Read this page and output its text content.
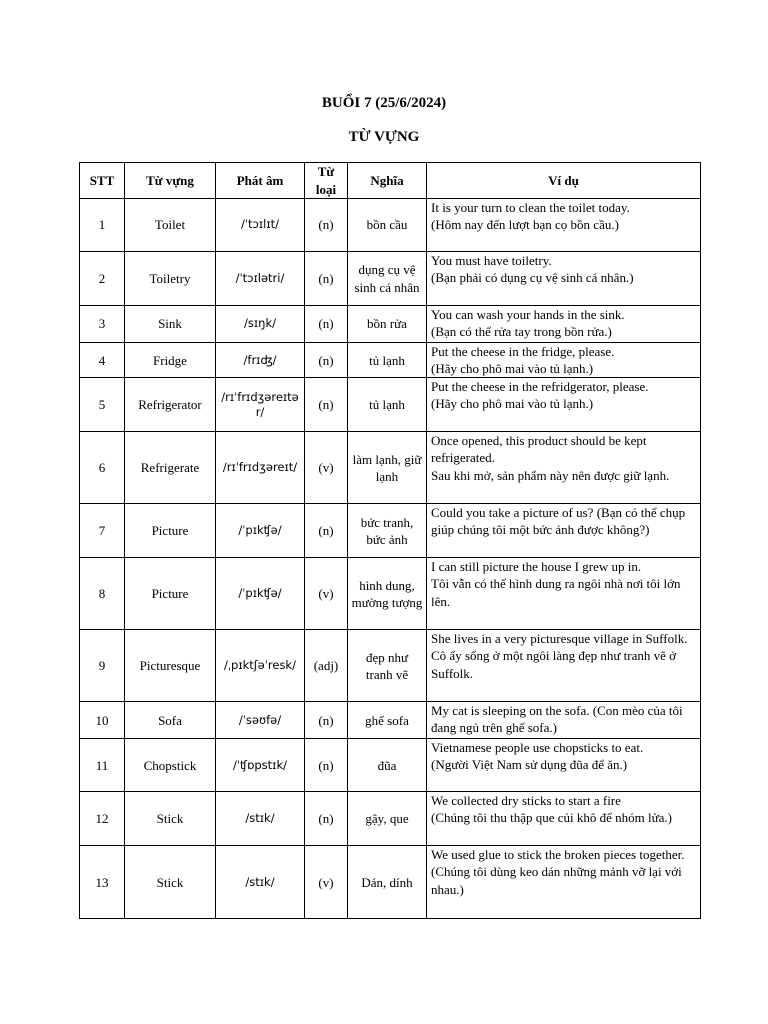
BUỔI 7 (25/6/2024)
TỪ VỰNG
STT	Từ vựng	Phát âm	Từ loại	Nghĩa	Ví dụ
1	Toilet	/ˈtɔɪlɪt/	(n)	bồn cầu	It is your turn to clean the toilet today.
(Hôm nay đến lượt bạn cọ bồn cầu.)

2	Toiletry	/ˈtɔɪlətri/	(n)	dụng cụ vệ sinh cá nhân	You must have toiletry.
(Bạn phải có dụng cụ vệ sinh cá nhân.)

3	Sink	/sɪŋk/	(n)	bồn rửa	You can wash your hands in the sink.
(Bạn có thể rửa tay trong bồn rửa.)

4	Fridge	/frɪʤ/	(n)	tủ lạnh	Put the cheese in the fridge, please.
(Hãy cho phô mai vào tủ lạnh.)

5	Refrigerator	/rɪˈfrɪdʒəreɪtə r/	(n)	tủ lạnh	Put the cheese in the refridgerator, please.
(Hãy cho phô mai vào tủ lạnh.)

6	Refrigerate	/rɪˈfrɪdʒəreɪt/	(v)	làm lạnh, giữ lạnh	Once opened, this product should be kept refrigerated.
Sau khi mở, sản phẩm này nên được giữ lạnh.

7	Picture	/ˈpɪkʧə/	(n)	bức tranh, bức ảnh	Could you take a picture of us? (Bạn có thể chụp giúp chúng tôi một bức ảnh được không?)

8	Picture	/ˈpɪkʧə/	(v)	hình dung, mường tượng	I can still picture the house I grew up in.
Tôi vẫn có thể hình dung ra ngôi nhà nơi tôi lớn lên.

9	Picturesque	/ˌpɪktʃəˈresk/	(adj)	đẹp như tranh vẽ	She lives in a very picturesque village in Suffolk.
Cô ấy sống ở một ngôi làng đẹp như tranh vẽ ở Suffolk.

10	Sofa	/ˈsəʊfə/	(n)	ghế sofa	My cat is sleeping on the sofa. (Con mèo của tôi đang ngủ trên ghế sofa.)

11	Chopstick	/ˈʧɒpstɪk/	(n)	đũa	Vietnamese people use chopsticks to eat.
(Người Việt Nam sử dụng đũa để ăn.)

12	Stick	/stɪk/	(n)	gậy, que	We collected dry sticks to start a fire
(Chúng tôi thu thập que củi khô để nhóm lửa.)

13	Stick	/stɪk/	(v)	Dán, dính	We used glue to stick the broken pieces together.
(Chúng tôi dùng keo dán những mảnh vỡ lại với nhau.)
